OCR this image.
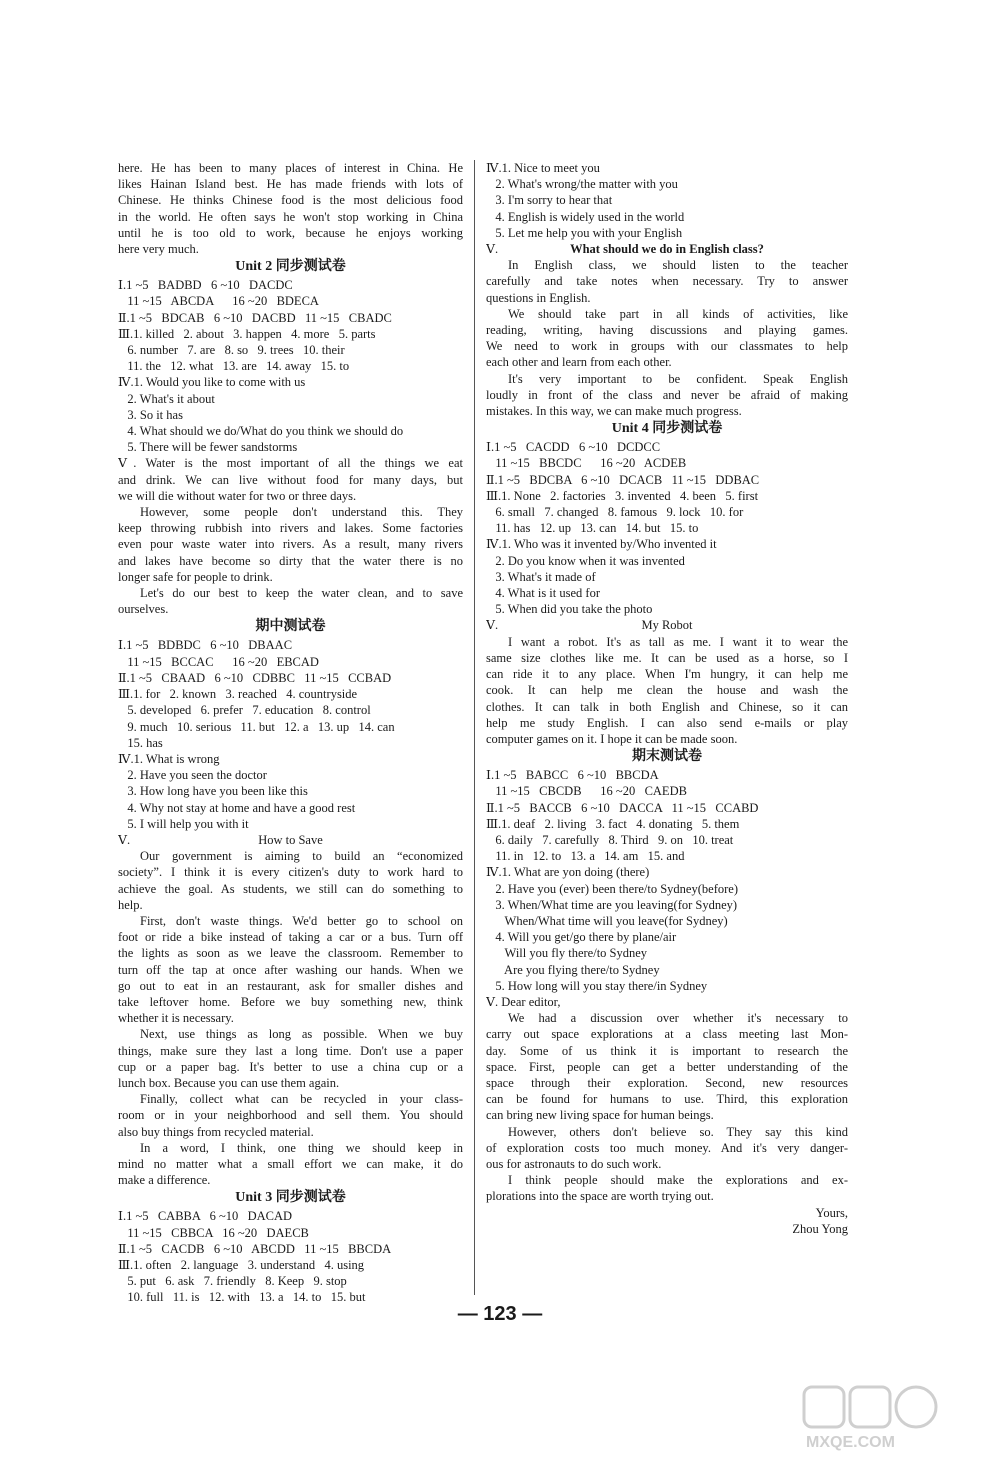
here. He has been to many places of interest in China. He
likes Hainan Island best. He has made friends with lots of
Chinese. He thinks Chinese food is the most delicious food
in the world. He often says he won't stop working in China
until he is too old to work, because he enjoys working
here very much.
Unit 2 同步测试卷
Ⅰ.1 ~5   BADBD   6 ~10   DACDC
11 ~15   ABCDA      16 ~20   BDECA
Ⅱ.1 ~5   BDCAB   6 ~10   DACBD   11 ~15   CBADC
Ⅲ.1. killed   2. about   3. happen   4. more   5. parts
6. number   7. are   8. so   9. trees   10. their
11. the   12. what   13. are   14. away   15. to
Ⅳ.1. Would you like to come with us
2. What's it about
3. So it has
4. What should we do/What do you think we should do
5. There will be fewer sandstorms
Ⅴ. Water is the most important of all the things we eat
and drink. We can live without food for many days, but
we will die without water for two or three days.
However, some people don't understand this. They
keep throwing rubbish into rivers and lakes. Some factories
even pour waste water into rivers. As a result, many rivers
and lakes have become so dirty that the water there is no
longer safe for people to drink.
Let's do our best to keep the water clean, and to save
ourselves.
期中测试卷
Ⅰ.1 ~5   BDBDC   6 ~10   DBAAC
11 ~15   BCCAC      16 ~20   EBCAD
Ⅱ.1 ~5   CBAAD   6 ~10   CDBBC   11 ~15   CCBAD
Ⅲ.1. for   2. known   3. reached   4. countryside
5. developed   6. prefer   7. education   8. control
9. much   10. serious   11. but   12. a   13. up   14. can
15. has
Ⅳ.1. What is wrong
2. Have you seen the doctor
3. How long have you been like this
4. Why not stay at home and have a good rest
5. I will help you with it
Ⅴ.	How to Save
Our government is aiming to build an “economized
society”. I think it is every citizen's duty to work hard to
achieve the goal. As students, we still can do something to
help.
First, don't waste things. We'd better go to school on
foot or ride a bike instead of taking a car or a bus. Turn off
the lights as soon as we leave the classroom. Remember to
turn off the tap at once after washing our hands. When we
go out to eat in an restaurant, ask for smaller dishes and
take leftover home. Before we buy something new, think
whether it is necessary.
Next, use things as long as possible. When we buy
things, make sure they last a long time. Don't use a paper
cup or a paper bag. It's better to use a china cup or a
lunch box. Because you can use them again.
Finally, collect what can be recycled in your class-
room or in your neighborhood and sell them. You should
also buy things from recycled material.
In a word, I think, one thing we should keep in
mind no matter what a small effort we can make, it do
make a difference.
Unit 3 同步测试卷
Ⅰ.1 ~5   CABBA   6 ~10   DACAD
11 ~15   CBBCA   16 ~20   DAECB
Ⅱ.1 ~5   CACDB   6 ~10   ABCDD   11 ~15   BBCDA
Ⅲ.1. often   2. language   3. understand   4. using
5. put   6. ask   7. friendly   8. Keep   9. stop
10. full   11. is   12. with   13. a   14. to   15. but
Ⅳ.1. Nice to meet you
2. What's wrong/the matter with you
3. I'm sorry to hear that
4. English is widely used in the world
5. Let me help you with your English
Ⅴ.	What should we do in English class?
In English class, we should listen to the teacher
carefully and take notes when necessary. Try to answer
questions in English.
We should take part in all kinds of activities, like
reading, writing, having discussions and playing games.
We need to work in groups with our classmates to help
each other and learn from each other.
It's very important to be confident. Speak English
loudly in front of the class and never be afraid of making
mistakes. In this way, we can make much progress.
Unit 4 同步测试卷
Ⅰ.1 ~5   CACDD   6 ~10   DCDCC
11 ~15   BBCDC      16 ~20   ACDEB
Ⅱ.1 ~5   BDCBA   6 ~10   DCACB   11 ~15   DDBAC
Ⅲ.1. None   2. factories   3. invented   4. been   5. first
6. small   7. changed   8. famous   9. lock   10. for
11. has   12. up   13. can   14. but   15. to
Ⅳ.1. Who was it invented by/Who invented it
2. Do you know when it was invented
3. What's it made of
4. What is it used for
5. When did you take the photo
Ⅴ.	My Robot
I want a robot. It's as tall as me. I want it to wear the
same size clothes like me. It can be used as a horse, so I
can ride it to any place. When I'm hungry, it can help me
cook. It can help me clean the house and wash the
clothes. It can talk in both English and Chinese, so it can
help me study English. I can also send e-mails or play
computer games on it. I hope it can be made soon.
期末测试卷
Ⅰ.1 ~5   BABCC   6 ~10   BBCDA
11 ~15   CBCDB      16 ~20   CAEDB
Ⅱ.1 ~5   BACCB   6 ~10   DACCA   11 ~15   CCABD
Ⅲ.1. deaf   2. living   3. fact   4. donating   5. them
6. daily   7. carefully   8. Third   9. on   10. treat
11. in   12. to   13. a   14. am   15. and
Ⅳ.1. What are yon doing (there)
2. Have you (ever) been there/to Sydney(before)
3. When/What time are you leaving(for Sydney)
When/What time will you leave(for Sydney)
4. Will you get/go there by plane/air
Will you fly there/to Sydney
Are you flying there/to Sydney
5. How long will you stay there/in Sydney
Ⅴ. Dear editor,
We had a discussion over whether it's necessary to
carry out space explorations at a class meeting last Mon-
day. Some of us think it is important to research the
space. First, people can get a better understanding of the
space through their exploration. Second, new resources
can be found for humans to use. Third, this exploration
can bring new living space for human beings.
However, others don't believe so. They say this kind
of exploration costs too much money. And it's very danger-
ous for astronauts to do such work.
I think people should make the explorations and ex-
plorations into the space are worth trying out.
Yours,
Zhou Yong
— 123 —
MXQE.COM
